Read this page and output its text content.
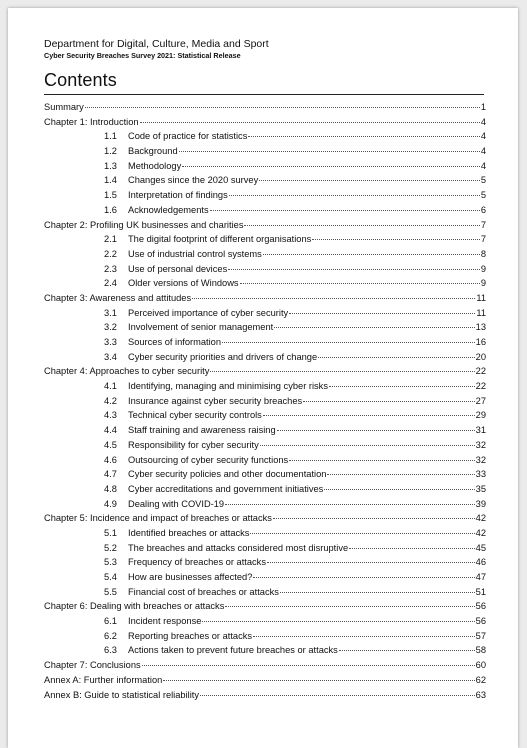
Department for Digital, Culture, Media and Sport
Cyber Security Breaches Survey 2021: Statistical Release
Contents
Summary	1
Chapter 1: Introduction	4
1.1	Code of practice for statistics	4
1.2	Background	4
1.3	Methodology	4
1.4	Changes since the 2020 survey	5
1.5	Interpretation of findings	5
1.6	Acknowledgements	6
Chapter 2: Profiling UK businesses and charities	7
2.1	The digital footprint of different organisations	7
2.2	Use of industrial control systems	8
2.3	Use of personal devices	9
2.4	Older versions of Windows	9
Chapter 3: Awareness and attitudes	11
3.1	Perceived importance of cyber security	11
3.2	Involvement of senior management	13
3.3	Sources of information	16
3.4	Cyber security priorities and drivers of change	20
Chapter 4: Approaches to cyber security	22
4.1	Identifying, managing and minimising cyber risks	22
4.2	Insurance against cyber security breaches	27
4.3	Technical cyber security controls	29
4.4	Staff training and awareness raising	31
4.5	Responsibility for cyber security	32
4.6	Outsourcing of cyber security functions	32
4.7	Cyber security policies and other documentation	33
4.8	Cyber accreditations and government initiatives	35
4.9	Dealing with COVID-19	39
Chapter 5: Incidence and impact of breaches or attacks	42
5.1	Identified breaches or attacks	42
5.2	The breaches and attacks considered most disruptive	45
5.3	Frequency of breaches or attacks	46
5.4	How are businesses affected?	47
5.5	Financial cost of breaches or attacks	51
Chapter 6: Dealing with breaches or attacks	56
6.1	Incident response	56
6.2	Reporting breaches or attacks	57
6.3	Actions taken to prevent future breaches or attacks	58
Chapter 7: Conclusions	60
Annex A: Further information	62
Annex B: Guide to statistical reliability	63
